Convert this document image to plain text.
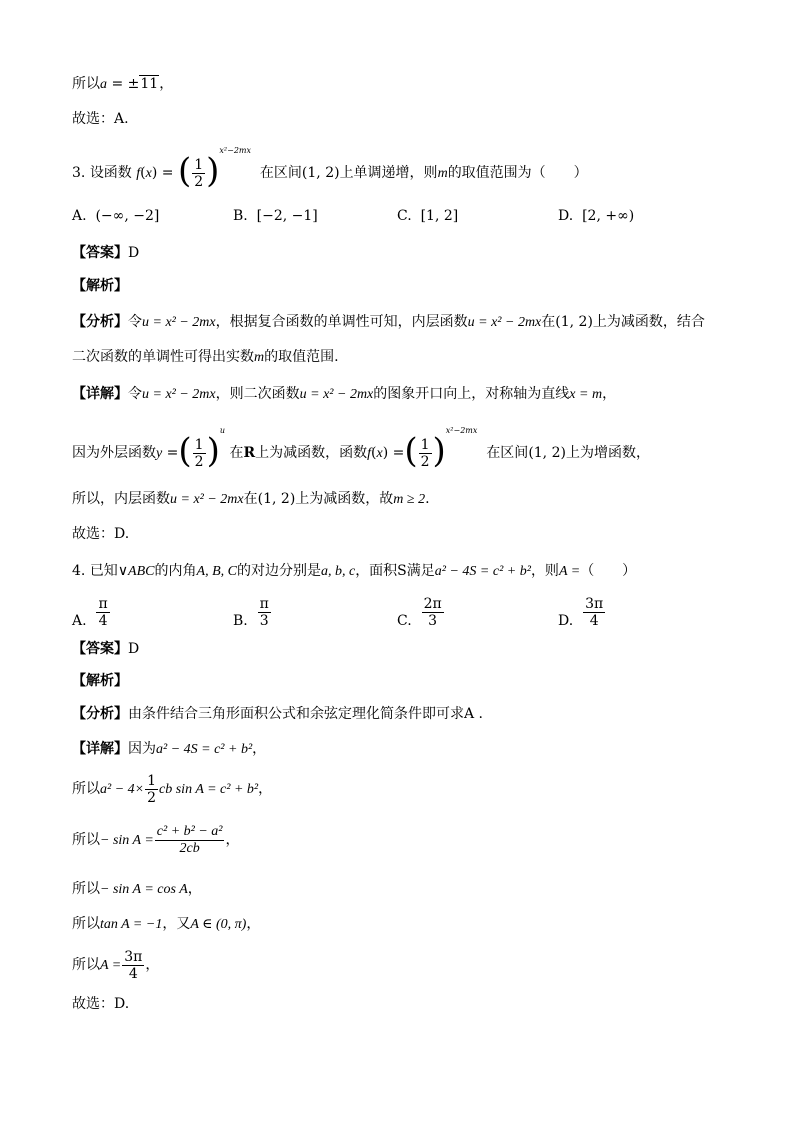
所以a = ±11，
故选：A.
3. 设函数 f(x) = ( $\frac{1}{2} )^{x^2-2mx}$  在区间(1, 2)上单调递增，则m的取值范围为（　　）
A. (−∞, −2]	B. [−2, −1]	C. [1, 2]	D. [2, +∞)
【答案】D
【解析】
【分析】令u = x² − 2mx，根据复合函数的单调性可知，内层函数u = x² − 2mx在(1, 2)上为减函数，结合
二次函数的单调性可得出实数m的取值范围.
【详解】令u = x² − 2mx，则二次函数u = x² − 2mx的图象开口向上，对称轴为直线x = m，
因为外层函数y =( $\frac{1}{2} )^u$ 在R上为减函数，函数f(x) =( $\frac{1}{2} )^{x^2-2mx}$  在区间(1, 2)上为增函数，
所以，内层函数u = x² − 2mx在(1, 2)上为减函数，故m ≥ 2.
故选：D.
4. 已知∨ABC的内角A, B, C的对边分别是a, b, c，面积S满足a² − 4S = c² + b²，则A =（　　）
A. $\frac{\pi}{4}$	B. $\frac{\pi}{3}$	C. $\frac{2\pi}{3}$	D. $\frac{3\pi}{4}$
【答案】D
【解析】
【分析】由条件结合三角形面积公式和余弦定理化简条件即可求A .
【详解】因为a² − 4S = c² + b²，
所以$a^2 - 4\times \frac{1}{2}$ cb sin A = c² + b²，
所以− $\sin A = \frac{\text{c² + b² − a²}}{2cb}$ ，
所以− sin A = cos A，
所以tan A = −1，又A ∈ (0, π)，
所以$A = \frac{3\pi}{4}$ ，
故选：D.
